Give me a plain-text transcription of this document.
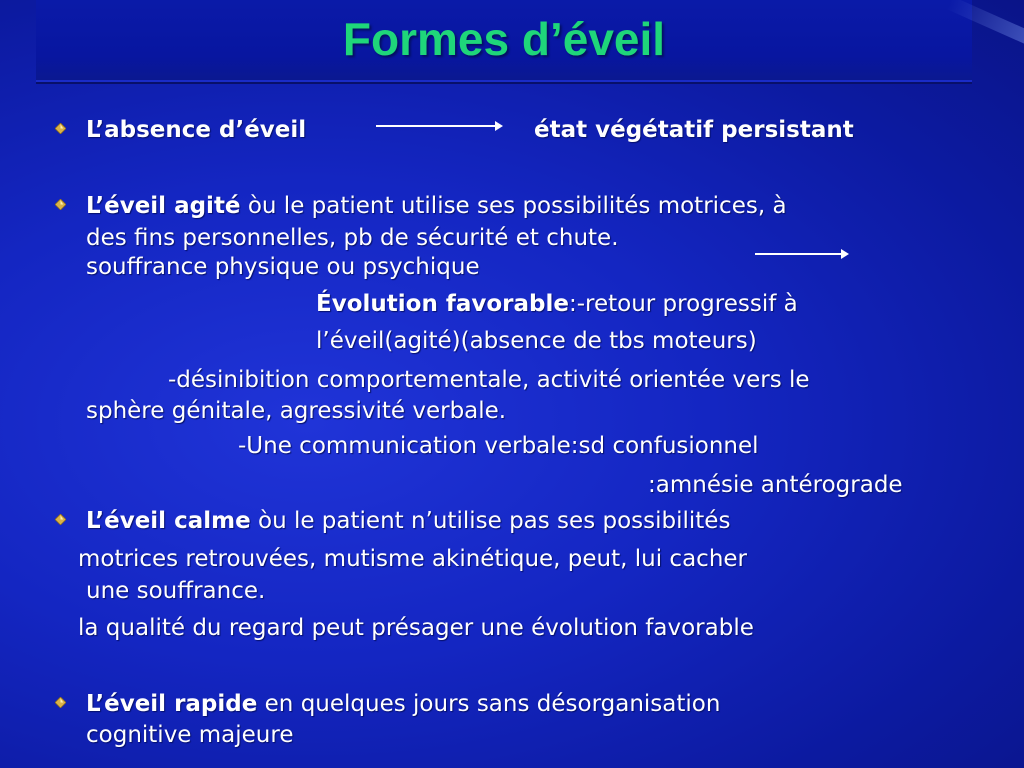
Formes d’éveil
L’absence d’éveil	état végétatif persistant
L’éveil agité òu le patient utilise ses possibilités motrices, à
des fins personnelles, pb de sécurité et chute.
souffrance physique ou psychique
Évolution favorable:-retour progressif à
l’éveil(agité)(absence de tbs moteurs)
-désinibition comportementale, activité orientée vers le
sphère génitale, agressivité verbale.
-Une communication verbale:sd confusionnel
:amnésie antérograde
L’éveil calme òu le patient n’utilise pas ses possibilités
motrices retrouvées, mutisme akinétique, peut, lui cacher
une souffrance.
la qualité du regard peut présager une évolution favorable
L’éveil rapide en quelques jours sans désorganisation
cognitive majeure
